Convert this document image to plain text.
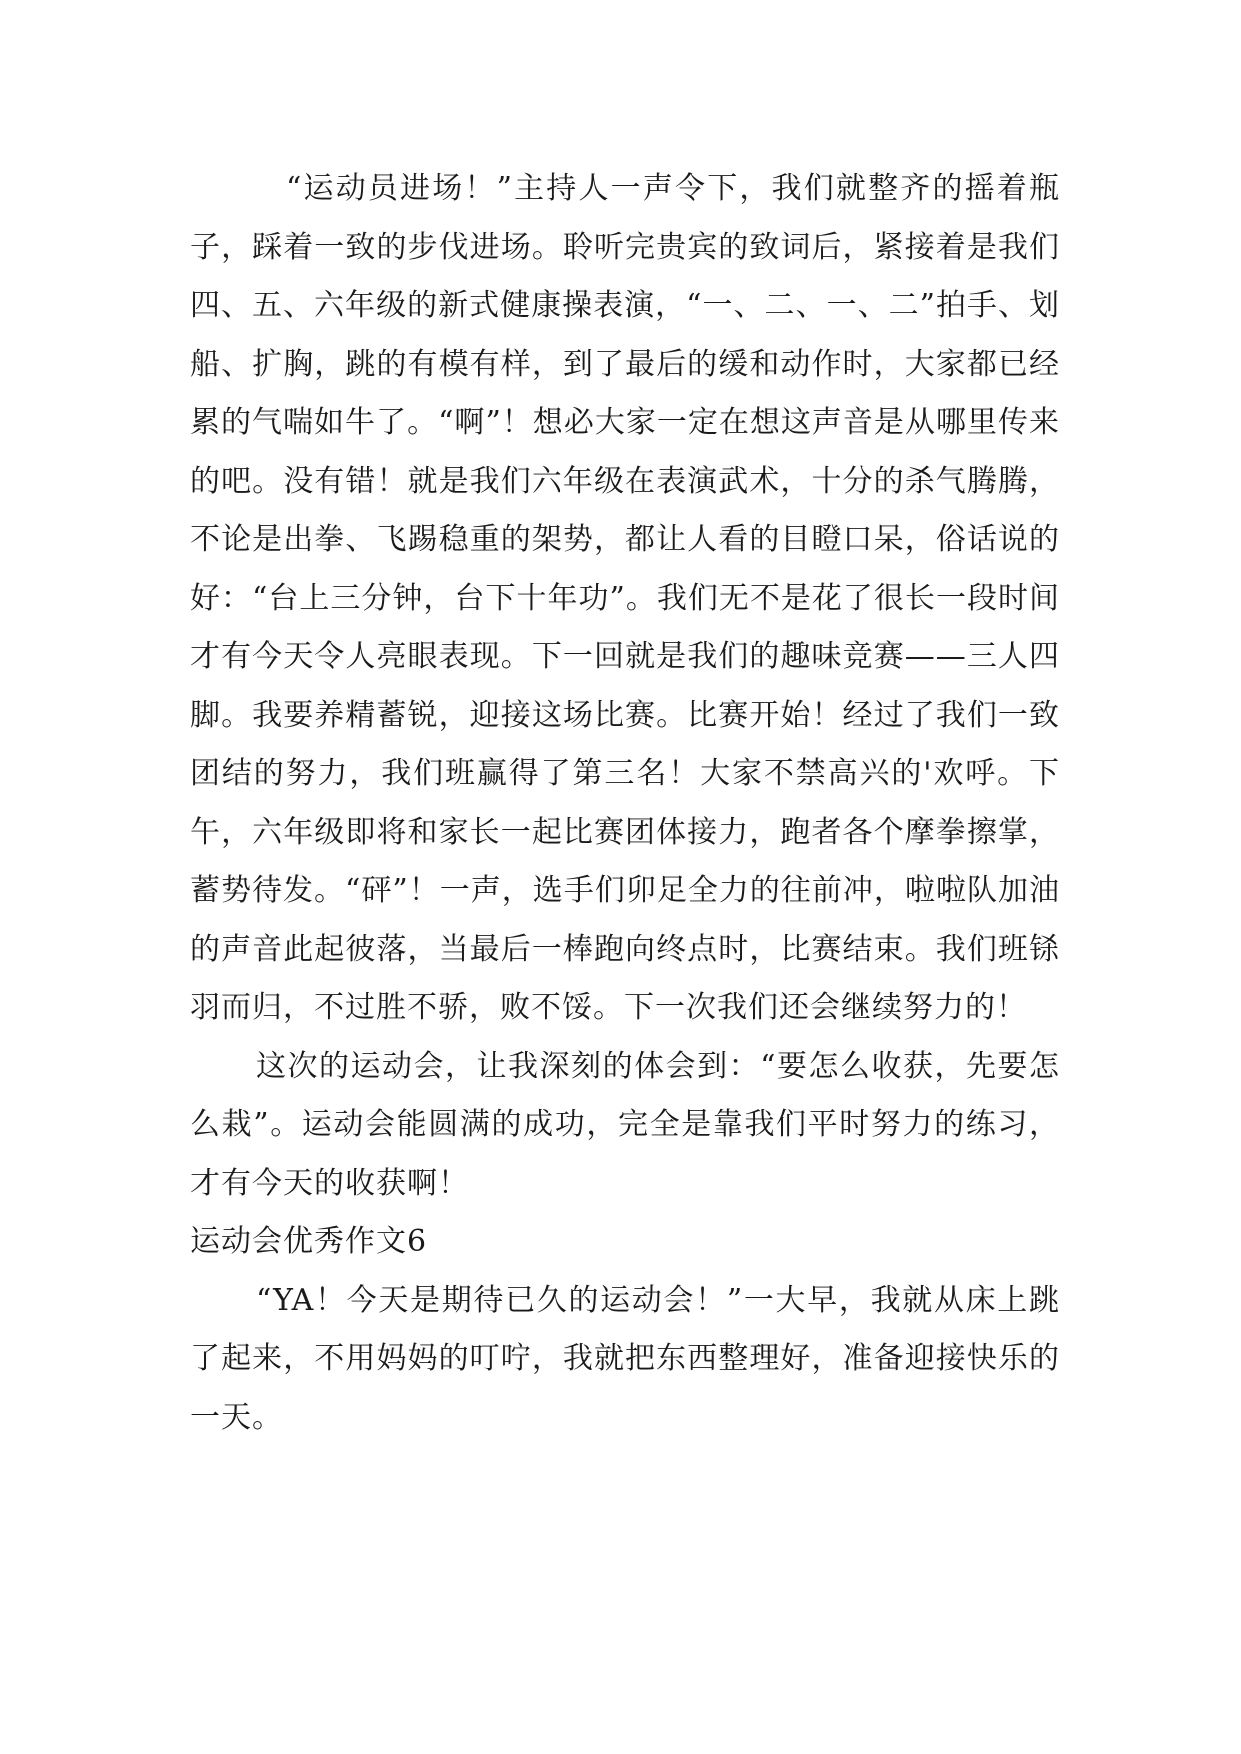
“运动员进场！”主持人一声令下，我们就整齐的摇着瓶子，踩着一致的步伐进场。聆听完贵宾的致词后，紧接着是我们四、五、六年级的新式健康操表演，“一、二、一、二”拍手、划船、扩胸，跳的有模有样，到了最后的缓和动作时，大家都已经累的气喘如牛了。“啊”！想必大家一定在想这声音是从哪里传来的吧。没有错！就是我们六年级在表演武术，十分的杀气腾腾，不论是出拳、飞踢稳重的架势，都让人看的目瞪口呆，俗话说的好：“台上三分钟，台下十年功”。我们无不是花了很长一段时间才有今天令人亮眼表现。下一回就是我们的趣味竞赛——三人四脚。我要养精蓄锐，迎接这场比赛。比赛开始！经过了我们一致团结的努力，我们班赢得了第三名！大家不禁高兴的'欢呼。下午，六年级即将和家长一起比赛团体接力，跑者各个摩拳擦掌，蓄势待发。“砰”！一声，选手们卯足全力的往前冲，啦啦队加油的声音此起彼落，当最后一棒跑向终点时，比赛结束。我们班铩羽而归，不过胜不骄，败不馁。下一次我们还会继续努力的！

这次的运动会，让我深刻的体会到：“要怎么收获，先要怎么栽”。运动会能圆满的成功，完全是靠我们平时努力的练习，才有今天的收获啊！

运动会优秀作文6

“YA！今天是期待已久的运动会！”一大早，我就从床上跳了起来，不用妈妈的叮咛，我就把东西整理好，准备迎接快乐的一天。
